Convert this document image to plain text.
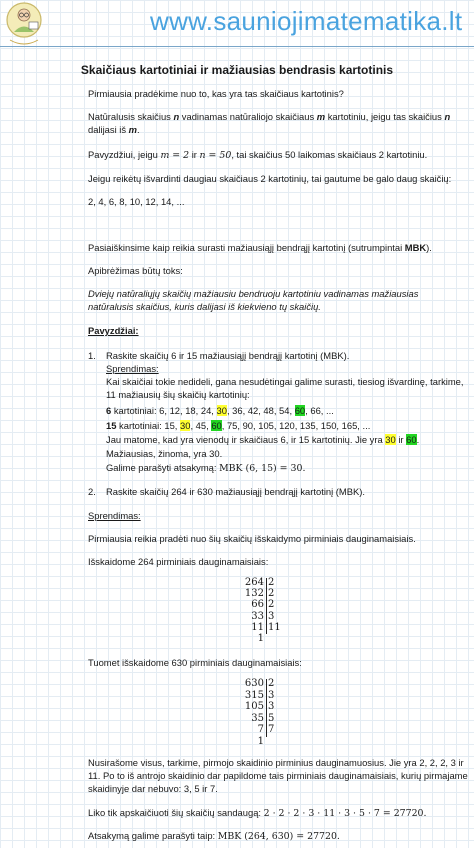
www.sauniojimatematika.lt
Skaičiaus kartotiniai ir mažiausias bendrasis kartotinis
Pirmiausia pradėkime nuo to, kas yra tas skaičiaus kartotinis?
Natūralusis skaičius n vadinamas natūraliojo skaičiaus m kartotiniu, jeigu tas skaičius n
dalijasi iš m.
Pavyzdžiui, jeigu m = 2 ir n = 50, tai skaičius 50 laikomas skaičiaus 2 kartotiniu.
Jeigu reikėtų išvardinti daugiau skaičiaus 2 kartotinių, tai gautume be galo daug skaičių:
2, 4, 6, 8, 10, 12, 14, ...
Pasiaiškinsime kaip reikia surasti mažiausiąjį bendrąjį kartotinį (sutrumpintai MBK).
Apibrėžimas būtų toks:
Dviejų natūraliųjų skaičių mažiausiu bendruoju kartotiniu vadinamas mažiausias
natūralusis skaičius, kuris dalijasi iš kiekvieno tų skaičių.
Pavyzdžiai:
1. Raskite skaičių 6 ir 15 mažiausiąjį bendrąjį kartotinį (MBK).
Sprendimas:
Kai skaičiai tokie nedideli, gana nesudėtingai galime surasti, tiesiog išvardinę, tarkime,
11 mažiausių šių skaičių kartotinių:
6 kartotiniai: 6, 12, 18, 24, 30, 36, 42, 48, 54, 60, 66, ...
15 kartotiniai: 15, 30, 45, 60, 75, 90, 105, 120, 135, 150, 165, ...
Jau matome, kad yra vienodų ir skaičiaus 6, ir 15 kartotinių. Jie yra 30 ir 60.
Mažiausias, žinoma, yra 30.
Galime parašyti atsakymą: MBK (6, 15) = 30.
2. Raskite skaičių 264 ir 630 mažiausiąjį bendrąjį kartotinį (MBK).
Sprendimas:
Pirmiausia reikia pradėti nuo šių skaičių išskaidymo pirminiais dauginamaisiais.
Išskaidome 264 pirminiais dauginamaisiais:
264 2
132 2
66 2
33 3
11 11
1
Tuomet išskaidome 630 pirminiais dauginamaisiais:
630 2
315 3
105 3
35 5
7 7
1
Nusirašome visus, tarkime, pirmojo skaidinio pirminius dauginamuosius. Jie yra 2, 2, 2, 3 ir
11. Po to iš antrojo skaidinio dar papildome tais pirminiais dauginamaisiais, kurių pirmajame
skaidinyje dar nebuvo: 3, 5 ir 7.
Liko tik apskaičiuoti šių skaičių sandaugą: 2 · 2 · 2 · 3 · 11 · 3 · 5 · 7 = 27720.
Atsakymą galime parašyti taip: MBK (264, 630) = 27720.
